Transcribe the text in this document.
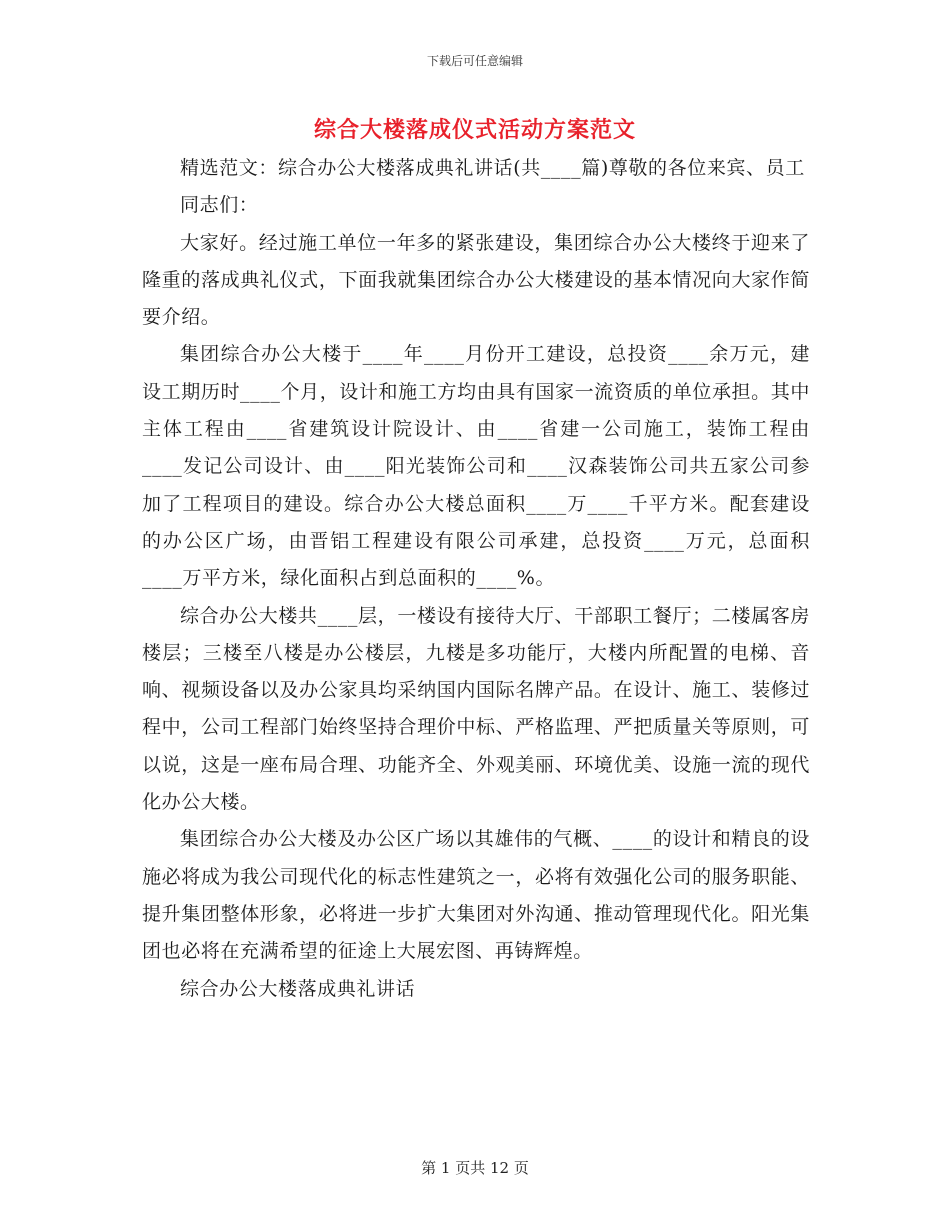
下载后可任意编辑
综合大楼落成仪式活动方案范文

精选范文：综合办公大楼落成典礼讲话(共____篇)尊敬的各位来宾、员工

同志们：

大家好。经过施工单位一年多的紧张建设，集团综合办公大楼终于迎来了隆重的落成典礼仪式，下面我就集团综合办公大楼建设的基本情况向大家作简要介绍。

集团综合办公大楼于____年____月份开工建设，总投资____余万元，建设工期历时____个月，设计和施工方均由具有国家一流资质的单位承担。其中主体工程由____省建筑设计院设计、由____省建一公司施工，装饰工程由____发记公司设计、由____阳光装饰公司和____汉森装饰公司共五家公司参加了工程项目的建设。综合办公大楼总面积____万____千平方米。配套建设的办公区广场，由晋铝工程建设有限公司承建，总投资____万元，总面积____万平方米，绿化面积占到总面积的____%。

综合办公大楼共____层，一楼设有接待大厅、干部职工餐厅；二楼属客房楼层；三楼至八楼是办公楼层，九楼是多功能厅，大楼内所配置的电梯、音响、视频设备以及办公家具均采纳国内国际名牌产品。在设计、施工、装修过程中，公司工程部门始终坚持合理价中标、严格监理、严把质量关等原则，可以说，这是一座布局合理、功能齐全、外观美丽、环境优美、设施一流的现代化办公大楼。

集团综合办公大楼及办公区广场以其雄伟的气概、____的设计和精良的设施必将成为我公司现代化的标志性建筑之一，必将有效强化公司的服务职能、提升集团整体形象，必将进一步扩大集团对外沟通、推动管理现代化。阳光集团也必将在充满希望的征途上大展宏图、再铸辉煌。

综合办公大楼落成典礼讲话

第 1 页共 12 页
